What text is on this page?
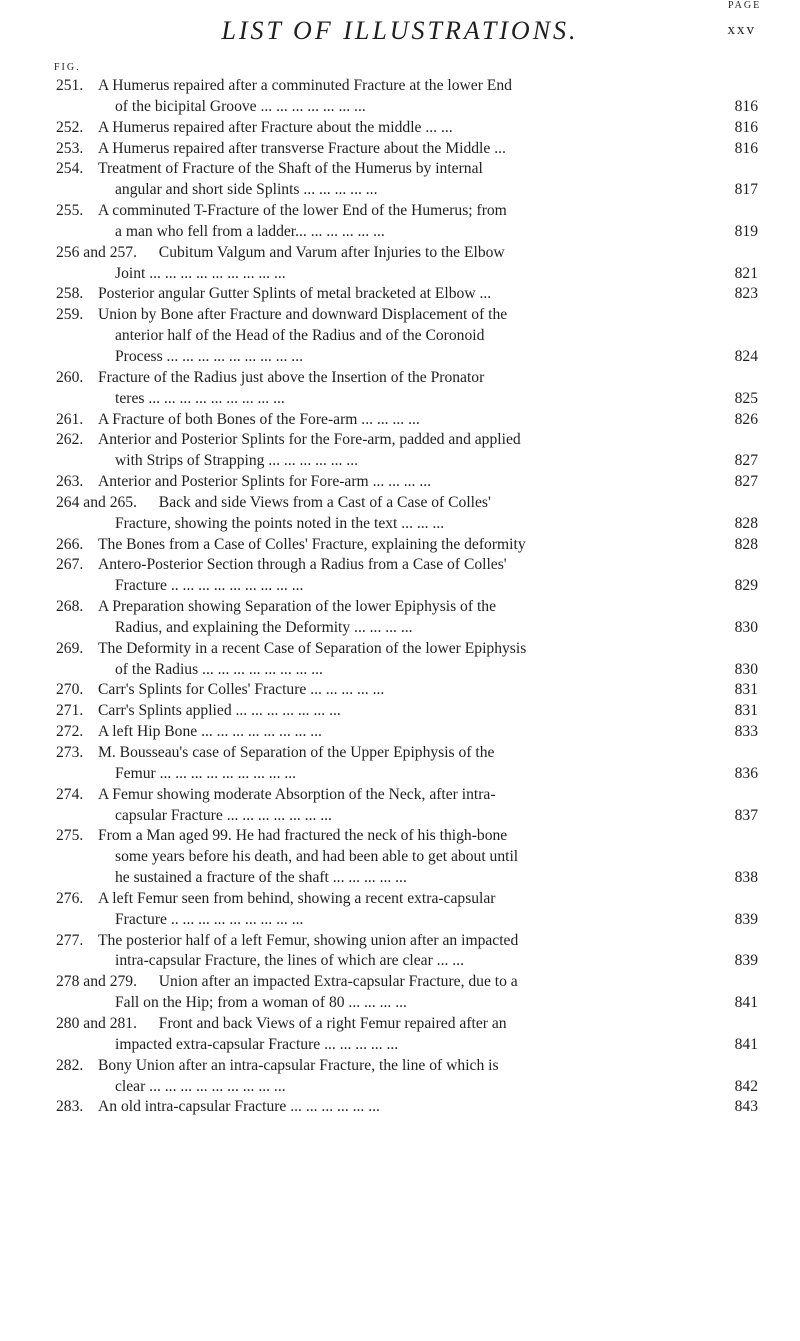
LIST OF ILLUSTRATIONS.	xxv
FIG.
PAGE
251. A Humerus repaired after a comminuted Fracture at the lower End
of the bicipital Groove ... ... ... ... ... ... ...	816
252. A Humerus repaired after Fracture about the middle ... ...	816
253. A Humerus repaired after transverse Fracture about the Middle ...	816
254. Treatment of Fracture of the Shaft of the Humerus by internal
angular and short side Splints ... ... ... ... ...	817
255. A comminuted T-Fracture of the lower End of the Humerus; from
a man who fell from a ladder... ... ... ... ... ...	819
256 and 257. Cubitum Valgum and Varum after Injuries to the Elbow
Joint ... ... ... ... ... ... ... ... ...	821
258. Posterior angular Gutter Splints of metal bracketed at Elbow ...	823
259. Union by Bone after Fracture and downward Displacement of the
anterior half of the Head of the Radius and of the Coronoid
Process ... ... ... ... ... ... ... ... ...	824
260. Fracture of the Radius just above the Insertion of the Pronator
teres ... ... ... ... ... ... ... ... ...	825
261. A Fracture of both Bones of the Fore-arm ... ... ... ...	826
262. Anterior and Posterior Splints for the Fore-arm, padded and applied
with Strips of Strapping ... ... ... ... ... ...	827
263. Anterior and Posterior Splints for Fore-arm ... ... ... ...	827
264 and 265. Back and side Views from a Cast of a Case of Colles'
Fracture, showing the points noted in the text ... ... ...	828
266. The Bones from a Case of Colles' Fracture, explaining the deformity	828
267. Antero-Posterior Section through a Radius from a Case of Colles'
Fracture .. ... ... ... ... ... ... ... ...	829
268. A Preparation showing Separation of the lower Epiphysis of the
Radius, and explaining the Deformity ... ... ... ...	830
269. The Deformity in a recent Case of Separation of the lower Epiphysis
of the Radius ... ... ... ... ... ... ... ...	830
270. Carr's Splints for Colles' Fracture ... ... ... ... ...	831
271. Carr's Splints applied ... ... ... ... ... ... ...	831
272. A left Hip Bone ... ... ... ... ... ... ... ...	833
273. M. Bousseau's case of Separation of the Upper Epiphysis of the
Femur ... ... ... ... ... ... ... ... ...	836
274. A Femur showing moderate Absorption of the Neck, after intra-
capsular Fracture ... ... ... ... ... ... ...	837
275. From a Man aged 99. He had fractured the neck of his thigh-bone
some years before his death, and had been able to get about until
he sustained a fracture of the shaft ... ... ... ... ...	838
276. A left Femur seen from behind, showing a recent extra-capsular
Fracture .. ... ... ... ... ... ... ... ...	839
277. The posterior half of a left Femur, showing union after an impacted
intra-capsular Fracture, the lines of which are clear ... ...	839
278 and 279. Union after an impacted Extra-capsular Fracture, due to a
Fall on the Hip; from a woman of 80 ... ... ... ...	841
280 and 281. Front and back Views of a right Femur repaired after an
impacted extra-capsular Fracture ... ... ... ... ...	841
282. Bony Union after an intra-capsular Fracture, the line of which is
clear ... ... ... ... ... ... ... ... ...	842
283. An old intra-capsular Fracture ... ... ... ... ... ...	843
